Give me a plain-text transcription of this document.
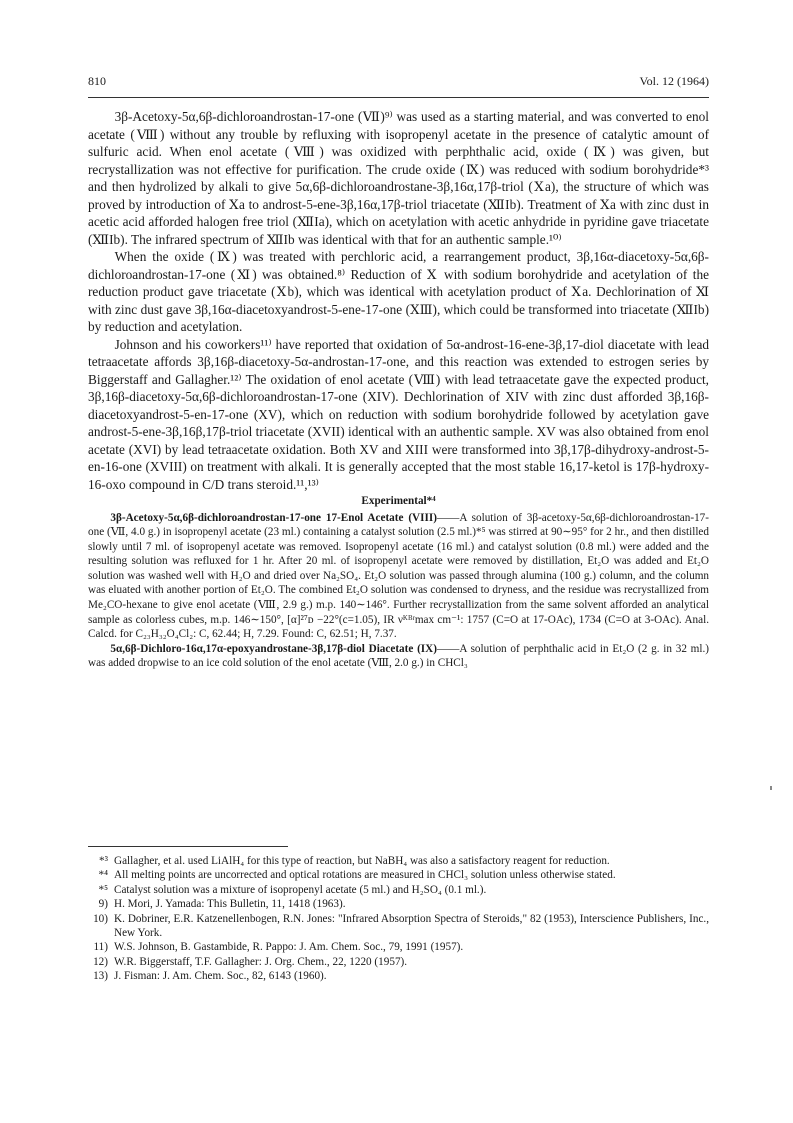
810	Vol. 12 (1964)

3β-Acetoxy-5α,6β-dichloroandrostan-17-one (Ⅶ)⁹⁾ was used as a starting material, and was converted to enol acetate (Ⅷ) without any trouble by refluxing with isopropenyl acetate in the presence of catalytic amount of sulfuric acid. When enol acetate (Ⅷ) was oxidized with perphthalic acid, oxide (Ⅸ) was given, but recrystallization was not effective for purification. The crude oxide (Ⅸ) was reduced with sodium borohydride*³ and then hydrolized by alkali to give 5α,6β-dichloroandrostane-3β,16α,17β-triol (Ⅹa), the structure of which was proved by introduction of Ⅹa to androst-5-ene-3β,16α,17β-triol triacetate (ⅫIb). Treatment of Ⅹa with zinc dust in acetic acid afforded halogen free triol (ⅫIa), which on acetylation with acetic anhydride in pyridine gave triacetate (ⅫIb). The infrared spectrum of ⅫIb was identical with that for an authentic sample.¹⁰⁾

When the oxide (Ⅸ) was treated with perchloric acid, a rearrangement product, 3β,16α-diacetoxy-5α,6β-dichloroandrostan-17-one (Ⅺ) was obtained.⁸⁾ Reduction of Ⅹ with sodium borohydride and acetylation of the reduction product gave triacetate (Ⅹb), which was identical with acetylation product of Ⅹa. Dechlorination of Ⅺ with zinc dust gave 3β,16α-diacetoxyandrost-5-ene-17-one (ⅩⅢ), which could be transformed into triacetate (ⅫIb) by reduction and acetylation.

Johnson and his coworkers¹¹⁾ have reported that oxidation of 5α-androst-16-ene-3β,17-diol diacetate with lead tetraacetate affords 3β,16β-diacetoxy-5α-androstan-17-one, and this reaction was extended to estrogen series by Biggerstaff and Gallagher.¹²⁾ The oxidation of enol acetate (Ⅷ) with lead tetraacetate gave the expected product, 3β,16β-diacetoxy-5α,6β-dichloroandrostan-17-one (XIV). Dechlorination of XIV with zinc dust afforded 3β,16β-diacetoxyandrost-5-en-17-one (XV), which on reduction with sodium borohydride followed by acetylation gave androst-5-ene-3β,16β,17β-triol triacetate (XVII) identical with an authentic sample. XV was also obtained from enol acetate (XVI) by lead tetraacetate oxidation. Both XV and XIII were transformed into 3β,17β-dihydroxy-androst-5-en-16-one (XVIII) on treatment with alkali. It is generally accepted that the most stable 16,17-ketol is 17β-hydroxy-16-oxo compound in C/D trans steroid.¹¹,¹³⁾

Experimental*⁴

3β-Acetoxy-5α,6β-dichloroandrostan-17-one 17-Enol Acetate (VIII)——A solution of 3β-acetoxy-5α,6β-dichloroandrostan-17-one (Ⅶ, 4.0 g.) in isopropenyl acetate (23 ml.) containing a catalyst solution (2.5 ml.)*⁵ was stirred at 90∼95° for 2 hr., and then distilled slowly until 7 ml. of isopropenyl acetate was removed. Isopropenyl acetate (16 ml.) and catalyst solution (0.8 ml.) were added and the resulting solution was refluxed for 1 hr. After 20 ml. of isopropenyl acetate were removed by distillation, Et₂O was added and Et₂O solution was washed well with H₂O and dried over Na₂SO₄. Et₂O solution was passed through alumina (100 g.) column, and the column was eluated with another portion of Et₂O. The combined Et₂O solution was condensed to dryness, and the residue was recrystallized from Me₂CO-hexane to give enol acetate (Ⅷ, 2.9 g.) m.p. 140∼146°. Further recrystallization from the same solvent afforded an analytical sample as colorless cubes, m.p. 146∼150°, [α]²⁷ᴅ −22°(c=1.05), IR νᴷᴮʳmax cm⁻¹: 1757 (C=O at 17-OAc), 1734 (C=O at 3-OAc). Anal. Calcd. for C₂₃H₃₂O₄Cl₂: C, 62.44; H, 7.29. Found: C, 62.51; H, 7.37.

5α,6β-Dichloro-16α,17α-epoxyandrostane-3β,17β-diol Diacetate (IX)——A solution of perphthalic acid in Et₂O (2 g. in 32 ml.) was added dropwise to an ice cold solution of the enol acetate (Ⅷ, 2.0 g.) in CHCl₃

*³ Gallagher, et al. used LiAlH₄ for this type of reaction, but NaBH₄ was also a satisfactory reagent for reduction.
*⁴ All melting points are uncorrected and optical rotations are measured in CHCl₃ solution unless otherwise stated.
*⁵ Catalyst solution was a mixture of isopropenyl acetate (5 ml.) and H₂SO₄ (0.1 ml.).
9) H. Mori, J. Yamada: This Bulletin, 11, 1418 (1963).
10) K. Dobriner, E.R. Katzenellenbogen, R.N. Jones: "Infrared Absorption Spectra of Steroids," 82 (1953), Interscience Publishers, Inc., New York.
11) W.S. Johnson, B. Gastambide, R. Pappo: J. Am. Chem. Soc., 79, 1991 (1957).
12) W.R. Biggerstaff, T.F. Gallagher: J. Org. Chem., 22, 1220 (1957).
13) J. Fisman: J. Am. Chem. Soc., 82, 6143 (1960).
